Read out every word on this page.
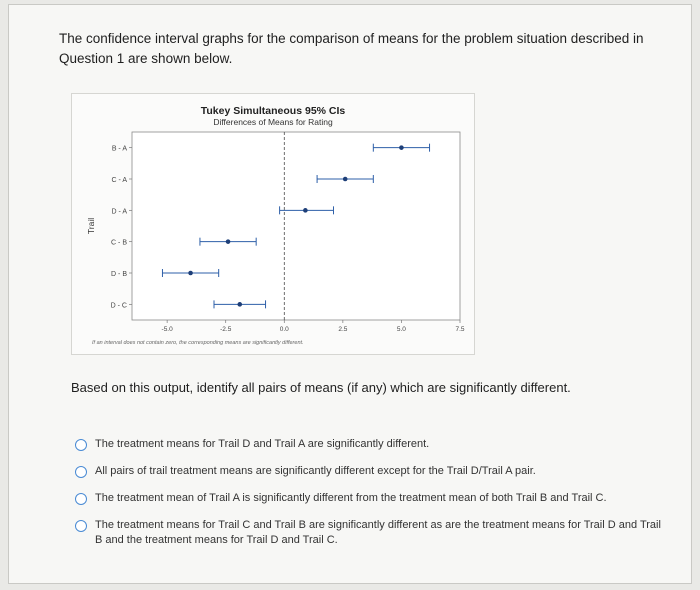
The confidence interval graphs for the comparison of means for the problem situation described in Question 1 are shown below.
Tukey Simultaneous 95% CIs
Differences of Means for Rating
Trail
B - A
C - A
D - A
C - B
D - B
D - C
-5.0	-2.5	0.0	2.5	5.0	7.5
If an interval does not contain zero, the corresponding means are significantly different.
Based on this output, identify all pairs of means (if any) which are significantly different.
The treatment means for Trail D and Trail A are significantly different.
All pairs of trail treatment means are significantly different except for the Trail D/Trail A pair.
The treatment mean of Trail A is significantly different from the treatment mean of both Trail B and Trail C.
The treatment means for Trail C and Trail B are significantly different as are the treatment means for Trail D and Trail B and the treatment means for Trail D and Trail C.
